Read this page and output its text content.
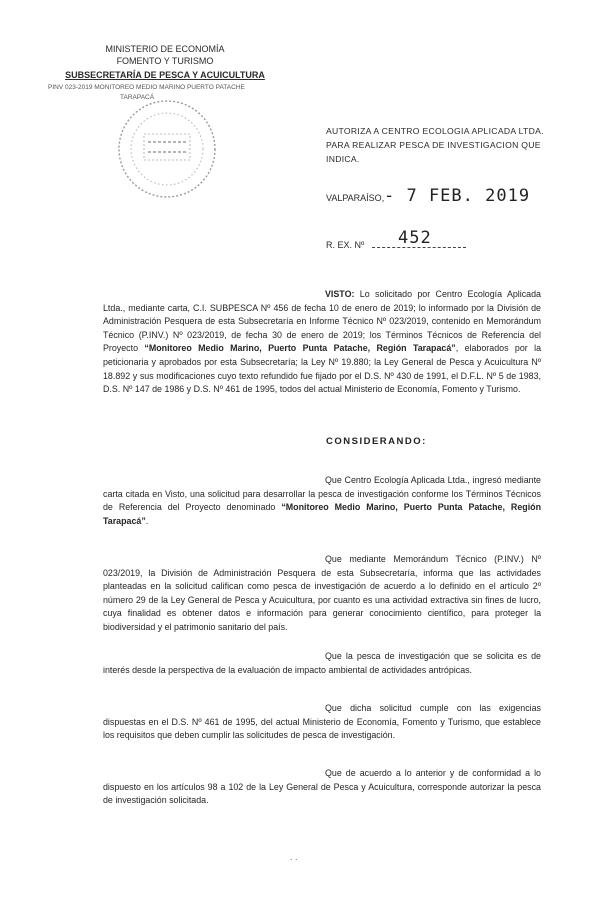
MINISTERIO DE ECONOMÍA
FOMENTO Y TURISMO
SUBSECRETARÍA DE PESCA Y ACUICULTURA
PINV 023-2019 MONITOREO MEDIO MARINO PUERTO PATACHE
TARAPACÁ
AUTORIZA A CENTRO ECOLOGIA APLICADA LTDA. PARA REALIZAR PESCA DE INVESTIGACION QUE INDICA.
VALPARAÍSO, - 7 FEB. 2019
R. EX. Nº 452
VISTO: Lo solicitado por Centro Ecología Aplicada Ltda., mediante carta, C.I. SUBPESCA Nº 456 de fecha 10 de enero de 2019; lo informado por la División de Administración Pesquera de esta Subsecretaría en Informe Técnico Nº 023/2019, contenido en Memorándum Técnico (P.INV.) Nº 023/2019, de fecha 30 de enero de 2019; los Términos Técnicos de Referencia del Proyecto “Monitoreo Medio Marino, Puerto Punta Patache, Región Tarapacá”, elaborados por la peticionaria y aprobados por esta Subsecretaría; la Ley Nº 19.880; la Ley General de Pesca y Acuicultura Nº 18.892 y sus modificaciones cuyo texto refundido fue fijado por el D.S. Nº 430 de 1991, el D.F.L. Nº 5 de 1983, D.S. Nº 147 de 1986 y D.S. Nº 461 de 1995, todos del actual Ministerio de Economía, Fomento y Turismo.
CONSIDERANDO:
Que Centro Ecología Aplicada Ltda., ingresó mediante carta citada en Visto, una solicitud para desarrollar la pesca de investigación conforme los Términos Técnicos de Referencia del Proyecto denominado “Monitoreo Medio Marino, Puerto Punta Patache, Región Tarapacá”.
Que mediante Memorándum Técnico (P.INV.) Nº 023/2019, la División de Administración Pesquera de esta Subsecretaría, informa que las actividades planteadas en la solicitud califican como pesca de investigación de acuerdo a lo definido en el artículo 2º número 29 de la Ley General de Pesca y Acuicultura, por cuanto es una actividad extractiva sin fines de lucro, cuya finalidad es obtener datos e información para generar conocimiento científico, para proteger la biodiversidad y el patrimonio sanitario del país.
Que la pesca de investigación que se solicita es de interés desde la perspectiva de la evaluación de impacto ambiental de actividades antrópicas.
Que dicha solicitud cumple con las exigencias dispuestas en el D.S. Nº 461 de 1995, del actual Ministerio de Economía, Fomento y Turismo, que establece los requisitos que deben cumplir las solicitudes de pesca de investigación.
Que de acuerdo a lo anterior y de conformidad a lo dispuesto en los artículos 98 a 102 de la Ley General de Pesca y Acuicultura, corresponde autorizar la pesca de investigación solicitada.
. .
